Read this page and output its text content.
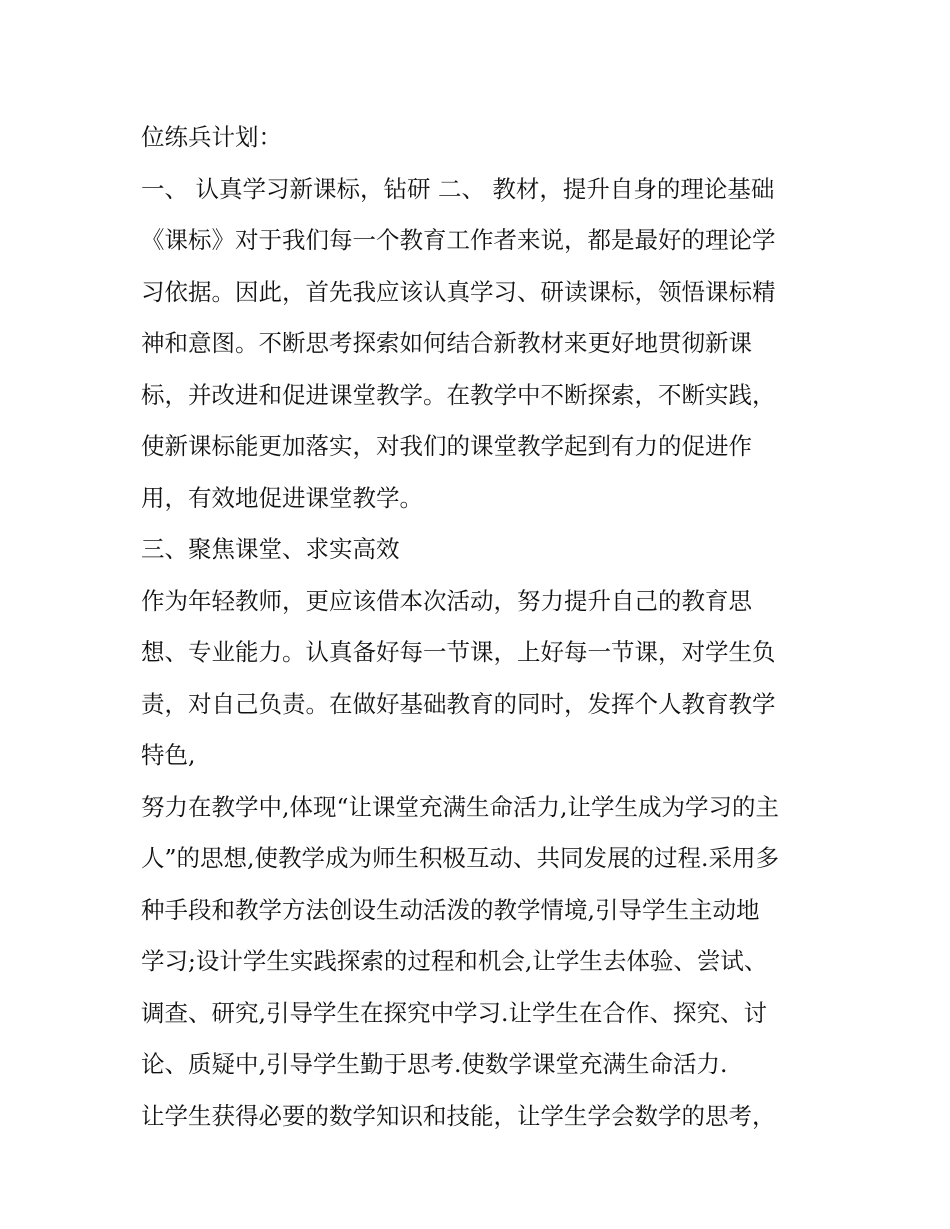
位练兵计划：
一、 认真学习新课标，钻研 二、 教材，提升自身的理论基础
《课标》对于我们每一个教育工作者来说，都是最好的理论学
习依据。因此，首先我应该认真学习、研读课标，领悟课标精
神和意图。不断思考探索如何结合新教材来更好地贯彻新课
标，并改进和促进课堂教学。在教学中不断探索，不断实践，
使新课标能更加落实，对我们的课堂教学起到有力的促进作
用，有效地促进课堂教学。
三、聚焦课堂、求实高效
作为年轻教师，更应该借本次活动，努力提升自己的教育思
想、专业能力。认真备好每一节课，上好每一节课，对学生负
责，对自己负责。在做好基础教育的同时，发挥个人教育教学
特色,
努力在教学中,体现“让课堂充满生命活力,让学生成为学习的主
人”的思想,使教学成为师生积极互动、共同发展的过程.采用多
种手段和教学方法创设生动活泼的教学情境,引导学生主动地
学习;设计学生实践探索的过程和机会,让学生去体验、尝试、
调查、研究,引导学生在探究中学习.让学生在合作、探究、讨
论、质疑中,引导学生勤于思考.使数学课堂充满生命活力.
让学生获得必要的数学知识和技能，让学生学会数学的思考，
